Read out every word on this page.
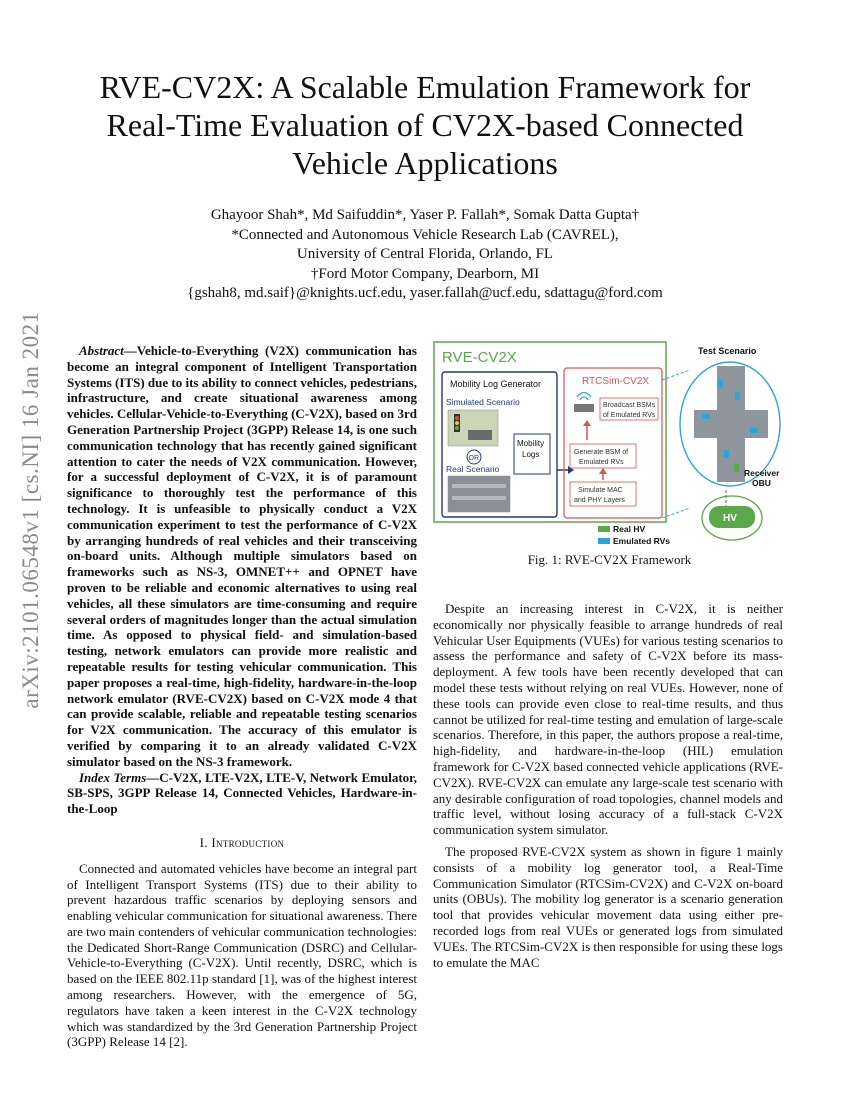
arXiv:2101.06548v1 [cs.NI] 16 Jan 2021
RVE-CV2X: A Scalable Emulation Framework for
Real-Time Evaluation of CV2X-based Connected
Vehicle Applications
Ghayoor Shah*, Md Saifuddin*, Yaser P. Fallah*, Somak Datta Gupta†
*Connected and Autonomous Vehicle Research Lab (CAVREL),
University of Central Florida, Orlando, FL
†Ford Motor Company, Dearborn, MI
{gshah8, md.saif}@knights.ucf.edu, yaser.fallah@ucf.edu, sdattagu@ford.com

Abstract—Vehicle-to-Everything (V2X) communication has become an integral component of Intelligent Transportation Systems (ITS) due to its ability to connect vehicles, pedestrians, infrastructure, and create situational awareness among vehicles. Cellular-Vehicle-to-Everything (C-V2X), based on 3rd Generation Partnership Project (3GPP) Release 14, is one such communication technology that has recently gained significant attention to cater the needs of V2X communication. However, for a successful deployment of C-V2X, it is of paramount significance to thoroughly test the performance of this technology. It is unfeasible to physically conduct a V2X communication experiment to test the performance of C-V2X by arranging hundreds of real vehicles and their transceiving on-board units. Although multiple simulators based on frameworks such as NS-3, OMNET++ and OPNET have proven to be reliable and economic alternatives to using real vehicles, all these simulators are time-consuming and require several orders of magnitudes longer than the actual simulation time. As opposed to physical field- and simulation-based testing, network emulators can provide more realistic and repeatable results for testing vehicular communication. This paper proposes a real-time, high-fidelity, hardware-in-the-loop network emulator (RVE-CV2X) based on C-V2X mode 4 that can provide scalable, reliable and repeatable testing scenarios for V2X communication. The accuracy of this emulator is verified by comparing it to an already validated C-V2X simulator based on the NS-3 framework.

Index Terms—C-V2X, LTE-V2X, LTE-V, Network Emulator, SB-SPS, 3GPP Release 14, Connected Vehicles, Hardware-in-the-Loop

I. Introduction

Connected and automated vehicles have become an integral part of Intelligent Transport Systems (ITS) due to their ability to prevent hazardous traffic scenarios by deploying sensors and enabling vehicular communication for situational awareness. There are two main contenders of vehicular communication technologies: the Dedicated Short-Range Communication (DSRC) and Cellular-Vehicle-to-Everything (C-V2X). Until recently, DSRC, which is based on the IEEE 802.11p standard [1], was of the highest interest among researchers. However, with the emergence of 5G, regulators have taken a keen interest in the C-V2X technology which was standardized by the 3rd Generation Partnership Project (3GPP) Release 14 [2].

RVE-CV2X
Mobility Log Generator
Simulated Scenario
OR
Real Scenario
Mobility
Logs
RTCSim-CV2X
Broadcast BSMs
of Emulated RVs
Generate BSM of
Emulated RVs
Simulate MAC
and PHY Layers
Test Scenario
Receiver
OBU
HV
Real HV
Emulated RVs
Fig. 1: RVE-CV2X Framework

Despite an increasing interest in C-V2X, it is neither economically nor physically feasible to arrange hundreds of real Vehicular User Equipments (VUEs) for various testing scenarios to assess the performance and safety of C-V2X before its mass-deployment. A few tools have been recently developed that can model these tests without relying on real VUEs. However, none of these tools can provide even close to real-time results, and thus cannot be utilized for real-time testing and emulation of large-scale scenarios. Therefore, in this paper, the authors propose a real-time, high-fidelity, and hardware-in-the-loop (HIL) emulation framework for C-V2X based connected vehicle applications (RVE-CV2X). RVE-CV2X can emulate any large-scale test scenario with any desirable configuration of road topologies, channel models and traffic level, without losing accuracy of a full-stack C-V2X communication system simulator.

The proposed RVE-CV2X system as shown in figure 1 mainly consists of a mobility log generator tool, a Real-Time Communication Simulator (RTCSim-CV2X) and C-V2X on-board units (OBUs). The mobility log generator is a scenario generation tool that provides vehicular movement data using either pre-recorded logs from real VUEs or generated logs from simulated VUEs. The RTCSim-CV2X is then responsible for using these logs to emulate the MAC
